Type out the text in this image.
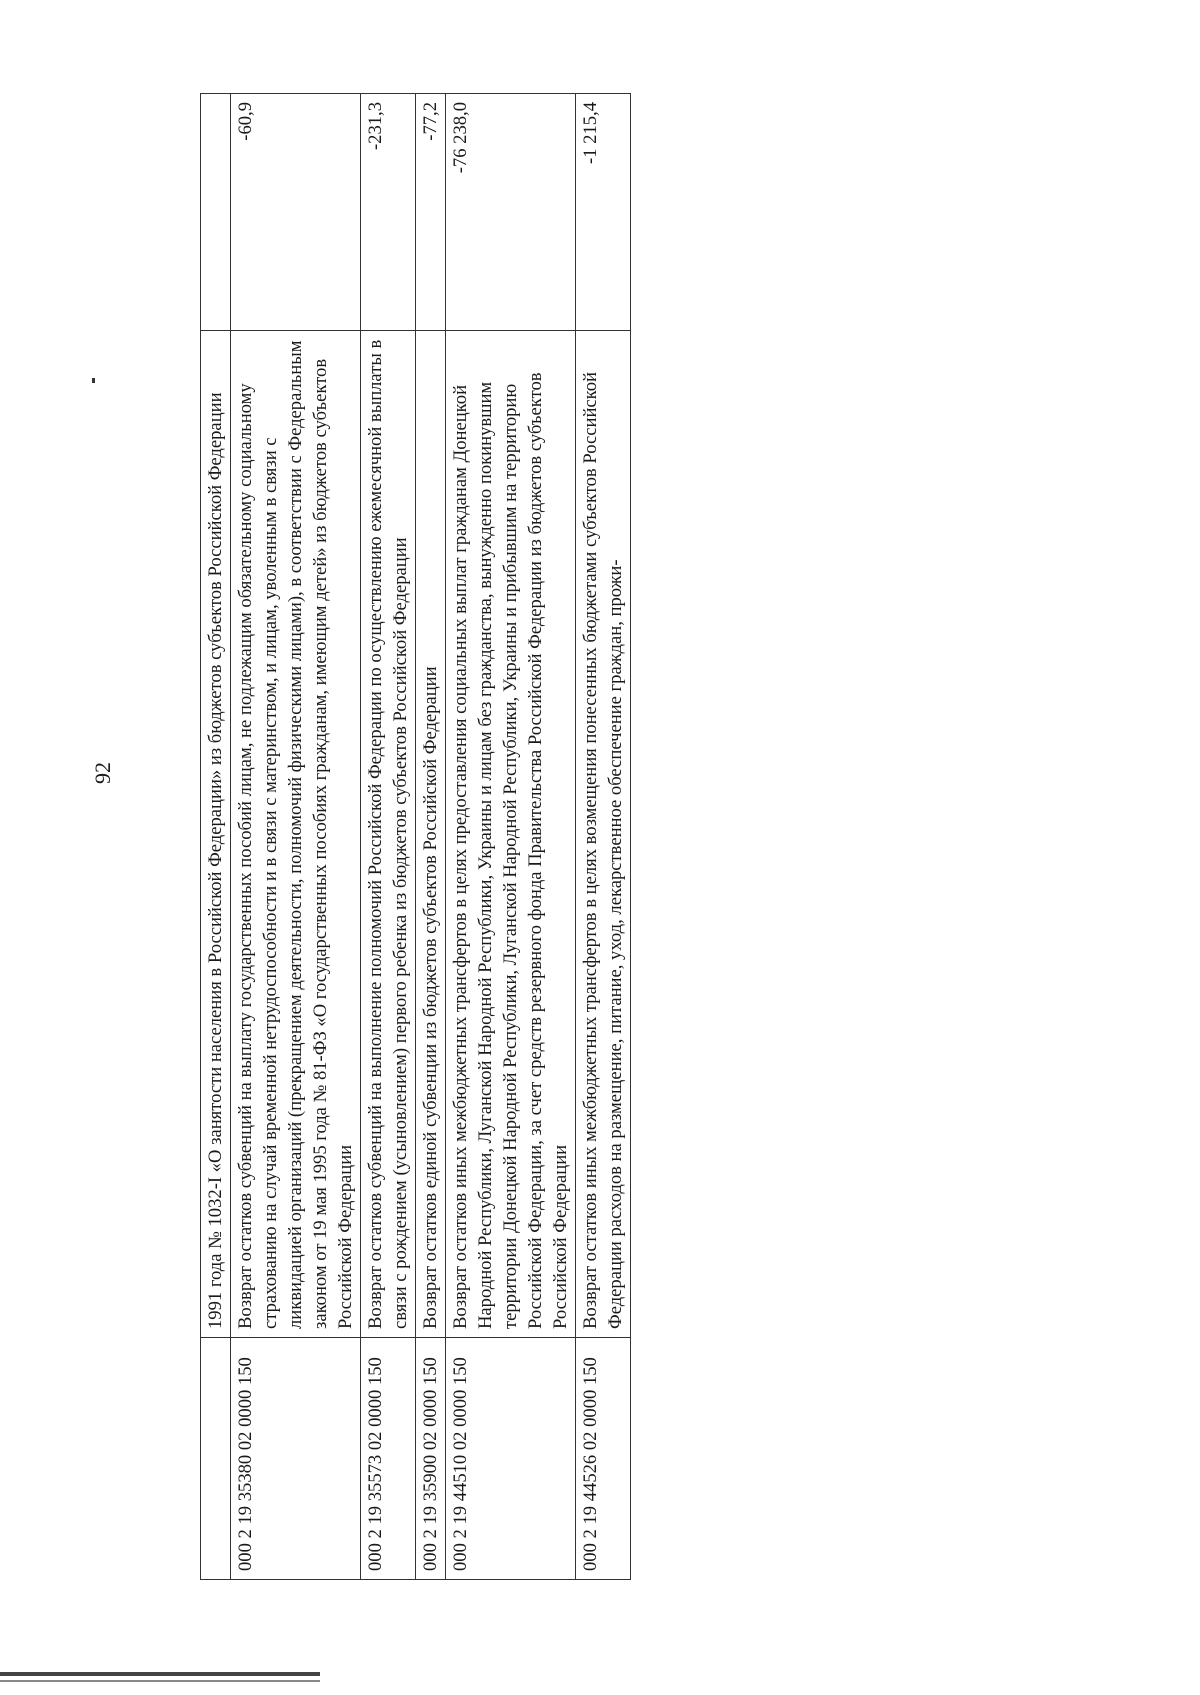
92
		1991 года № 1032-I «О занятости населения в Российской Федерации» из бюджетов субъектов Российской Федерации	
000 2 19 35380 02 0000 150	Возврат остатков субвенций на выплату государственных пособий лицам, не подлежащим обязательному социальному страхованию на случай временной нетрудоспособности и в связи с материнством, и лицам, уволенным в связи с ликвидацией организаций (прекращением деятельности, полномочий физическими лицами), в соответствии с Федеральным законом от 19 мая 1995 года № 81-ФЗ «О государственных пособиях гражданам, имеющим детей» из бюджетов субъектов Российской Федерации	-60,9
000 2 19 35573 02 0000 150	Возврат остатков субвенций на выполнение полномочий Российской Федерации по осуществлению ежемесячной выплаты в связи с рождением (усыновлением) первого ребенка из бюджетов субъектов Российской Федерации	-231,3
000 2 19 35900 02 0000 150	Возврат остатков единой субвенции из бюджетов субъектов Российской Федерации	-77,2
000 2 19 44510 02 0000 150	Возврат остатков иных межбюджетных трансфертов в целях предоставления социальных выплат гражданам Донецкой Народной Республики, Луганской Народной Республики, Украины и лицам без гражданства, вынужденно покинувшим территории Донецкой Народной Республики, Луганской Народной Республики, Украины и прибывшим на территорию Российской Федерации, за счет средств резервного фонда Правительства Российской Федерации из бюджетов субъектов Российской Федерации	-76 238,0
000 2 19 44526 02 0000 150	Возврат остатков иных межбюджетных трансфертов в целях возмещения понесенных бюджетами субъектов Российской Федерации расходов на размещение, питание, уход, лекарственное обеспечение граждан, прожи-	-1 215,4
